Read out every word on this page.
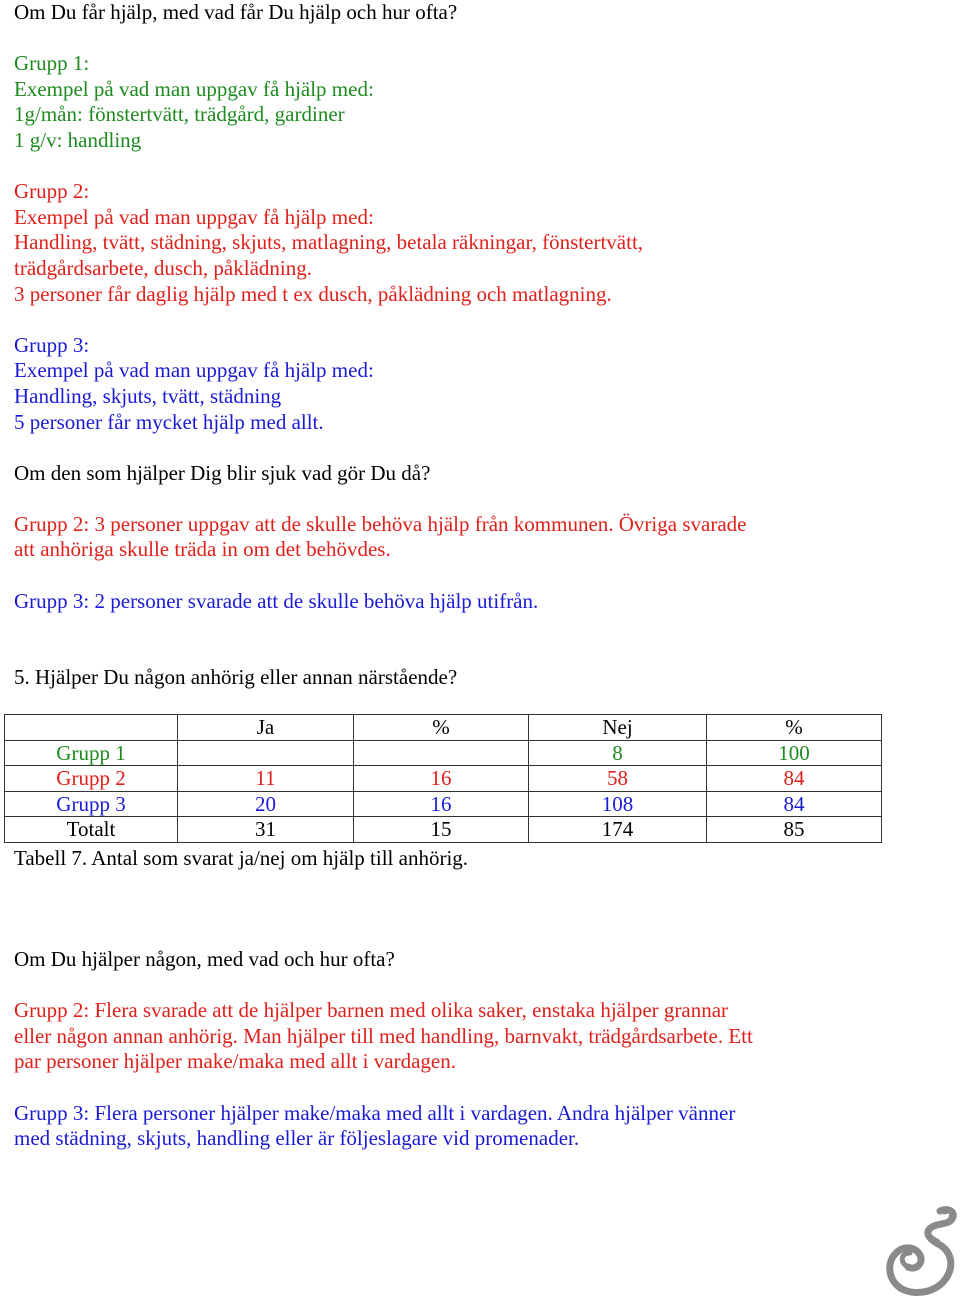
Om Du får hjälp, med vad får Du hjälp och hur ofta?

Grupp 1:

Exempel på vad man uppgav få hjälp med:

1g/mån: fönstertvätt, trädgård, gardiner

1 g/v: handling

Grupp 2:

Exempel på vad man uppgav få hjälp med:

Handling, tvätt, städning, skjuts, matlagning, betala räkningar, fönstertvätt,

trädgårdsarbete, dusch, påklädning.

3 personer får daglig hjälp med t ex dusch, påklädning och matlagning.

Grupp 3:

Exempel på vad man uppgav få hjälp med:

Handling, skjuts, tvätt, städning

5 personer får mycket hjälp med allt.

Om den som hjälper Dig blir sjuk vad gör Du då?

Grupp 2: 3 personer uppgav att de skulle behöva hjälp från kommunen. Övriga svarade

att anhöriga skulle träda in om det behövdes.

Grupp 3: 2 personer svarade att de skulle behöva hjälp utifrån.

5. Hjälper Du någon anhörig eller annan närstående?

	Ja	%	Nej	%
Grupp 1			8	100
Grupp 2	11	16	58	84
Grupp 3	20	16	108	84
Totalt	31	15	174	85

Tabell 7. Antal som svarat ja/nej om hjälp till anhörig.

Om Du hjälper någon, med vad och hur ofta?

Grupp 2: Flera svarade att de hjälper barnen med olika saker, enstaka hjälper grannar

eller någon annan anhörig. Man hjälper till med handling, barnvakt, trädgårdsarbete. Ett

par personer hjälper make/maka med allt i vardagen.

Grupp 3: Flera personer hjälper make/maka med allt i vardagen. Andra hjälper vänner

med städning, skjuts, handling eller är följeslagare vid promenader.
